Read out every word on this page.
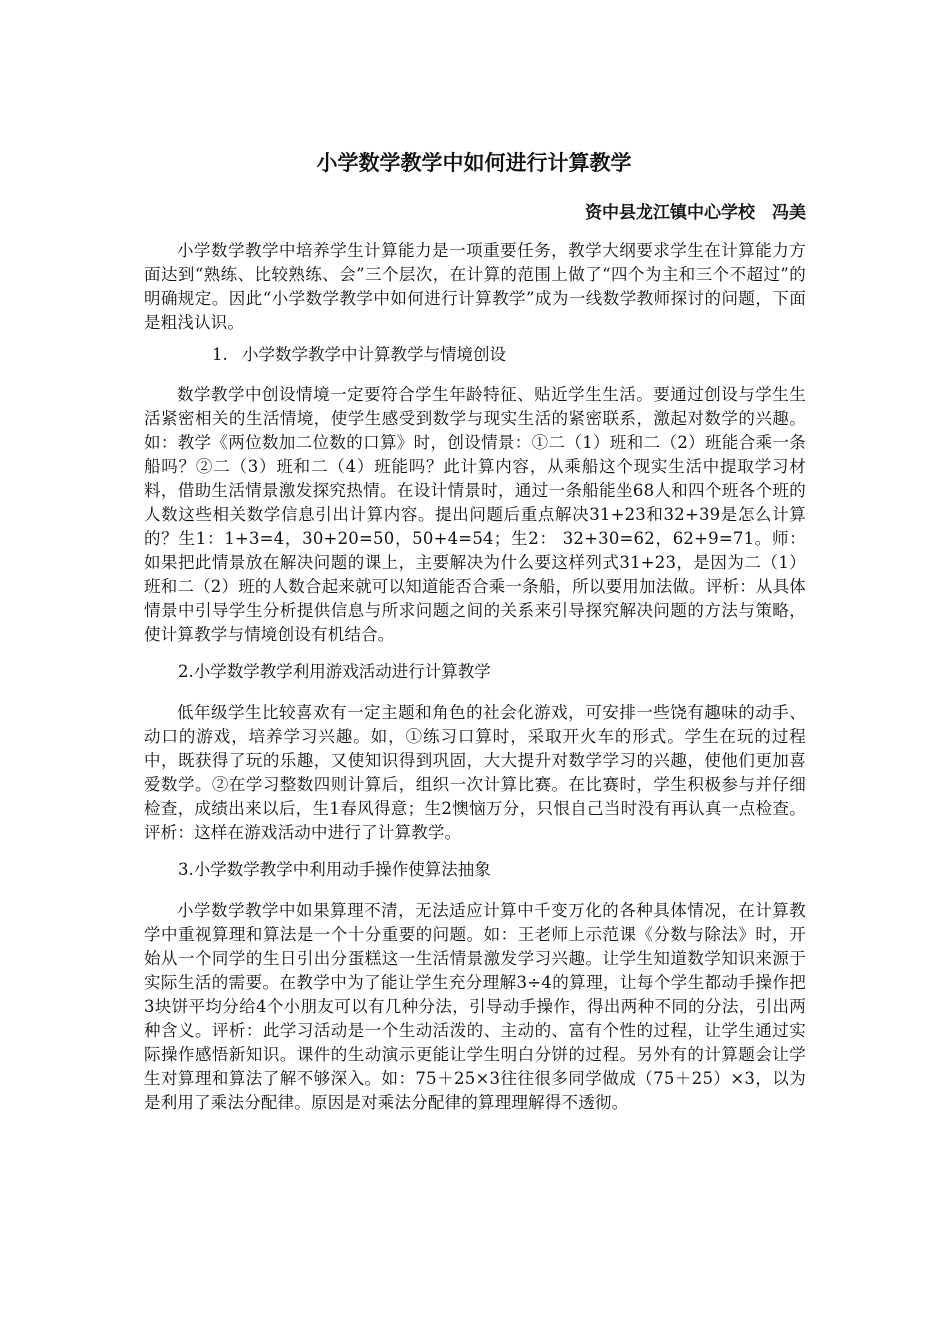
小学数学教学中如何进行计算教学
资中县龙江镇中心学校　冯美

小学数学教学中培养学生计算能力是一项重要任务，教学大纲要求学生在计算能力方面达到“熟练、比较熟练、会”三个层次，在计算的范围上做了“四个为主和三个不超过”的明确规定。因此“小学数学教学中如何进行计算教学”成为一线数学教师探讨的问题，下面是粗浅认识。

1. 小学数学教学中计算教学与情境创设

数学教学中创设情境一定要符合学生年龄特征、贴近学生生活。要通过创设与学生生活紧密相关的生活情境，使学生感受到数学与现实生活的紧密联系，激起对数学的兴趣。如：教学《两位数加二位数的口算》时，创设情景：①二（1）班和二（2）班能合乘一条船吗？②二（3）班和二（4）班能吗？此计算内容，从乘船这个现实生活中提取学习材料，借助生活情景激发探究热情。在设计情景时，通过一条船能坐68人和四个班各个班的人数这些相关数学信息引出计算内容。提出问题后重点解决31+23和32+39是怎么计算的？生1：1+3=4，30+20=50，50+4=54；生2： 32+30=62，62+9=71。师：如果把此情景放在解决问题的课上，主要解决为什么要这样列式31+23，是因为二（1）班和二（2）班的人数合起来就可以知道能否合乘一条船，所以要用加法做。评析：从具体情景中引导学生分析提供信息与所求问题之间的关系来引导探究解决问题的方法与策略，使计算教学与情境创设有机结合。

2.小学数学教学利用游戏活动进行计算教学

低年级学生比较喜欢有一定主题和角色的社会化游戏，可安排一些饶有趣味的动手、动口的游戏，培养学习兴趣。如，①练习口算时，采取开火车的形式。学生在玩的过程中，既获得了玩的乐趣，又使知识得到巩固，大大提升对数学学习的兴趣，使他们更加喜爱数学。②在学习整数四则计算后，组织一次计算比赛。在比赛时，学生积极参与并仔细检查，成绩出来以后，生1春风得意；生2懊恼万分，只恨自己当时没有再认真一点检查。评析：这样在游戏活动中进行了计算教学。

3.小学数学教学中利用动手操作使算法抽象

小学数学教学中如果算理不清，无法适应计算中千变万化的各种具体情况，在计算教学中重视算理和算法是一个十分重要的问题。如：王老师上示范课《分数与除法》时，开始从一个同学的生日引出分蛋糕这一生活情景激发学习兴趣。让学生知道数学知识来源于实际生活的需要。在教学中为了能让学生充分理解3÷4的算理，让每个学生都动手操作把3块饼平均分给4个小朋友可以有几种分法，引导动手操作，得出两种不同的分法，引出两种含义。评析：此学习活动是一个生动活泼的、主动的、富有个性的过程，让学生通过实际操作感悟新知识。课件的生动演示更能让学生明白分饼的过程。另外有的计算题会让学生对算理和算法了解不够深入。如：75＋25×3往往很多同学做成（75＋25）×3，以为是利用了乘法分配律。原因是对乘法分配律的算理理解得不透彻。
